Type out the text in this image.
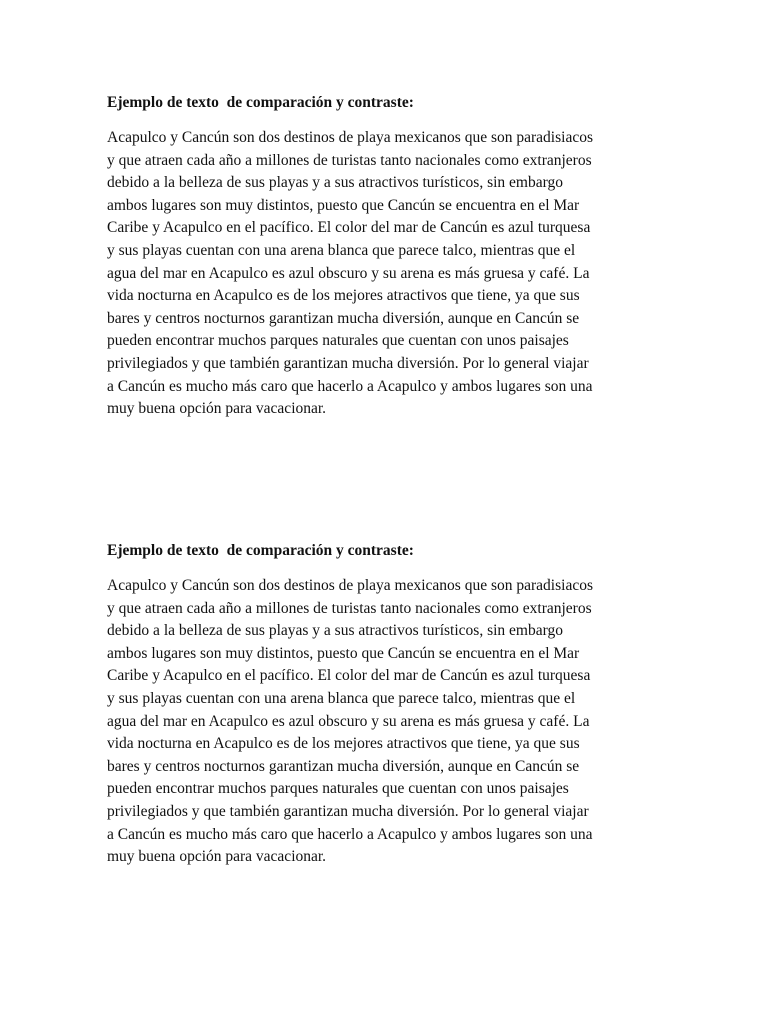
Ejemplo de texto  de comparación y contraste:

Acapulco y Cancún son dos destinos de playa mexicanos que son paradisiacos
y que atraen cada año a millones de turistas tanto nacionales como extranjeros
debido a la belleza de sus playas y a sus atractivos turísticos, sin embargo
ambos lugares son muy distintos, puesto que Cancún se encuentra en el Mar
Caribe y Acapulco en el pacífico. El color del mar de Cancún es azul turquesa
y sus playas cuentan con una arena blanca que parece talco, mientras que el
agua del mar en Acapulco es azul obscuro y su arena es más gruesa y café. La
vida nocturna en Acapulco es de los mejores atractivos que tiene, ya que sus
bares y centros nocturnos garantizan mucha diversión, aunque en Cancún se
pueden encontrar muchos parques naturales que cuentan con unos paisajes
privilegiados y que también garantizan mucha diversión. Por lo general viajar
a Cancún es mucho más caro que hacerlo a Acapulco y ambos lugares son una
muy buena opción para vacacionar.

Ejemplo de texto  de comparación y contraste:

Acapulco y Cancún son dos destinos de playa mexicanos que son paradisiacos
y que atraen cada año a millones de turistas tanto nacionales como extranjeros
debido a la belleza de sus playas y a sus atractivos turísticos, sin embargo
ambos lugares son muy distintos, puesto que Cancún se encuentra en el Mar
Caribe y Acapulco en el pacífico. El color del mar de Cancún es azul turquesa
y sus playas cuentan con una arena blanca que parece talco, mientras que el
agua del mar en Acapulco es azul obscuro y su arena es más gruesa y café. La
vida nocturna en Acapulco es de los mejores atractivos que tiene, ya que sus
bares y centros nocturnos garantizan mucha diversión, aunque en Cancún se
pueden encontrar muchos parques naturales que cuentan con unos paisajes
privilegiados y que también garantizan mucha diversión. Por lo general viajar
a Cancún es mucho más caro que hacerlo a Acapulco y ambos lugares son una
muy buena opción para vacacionar.
